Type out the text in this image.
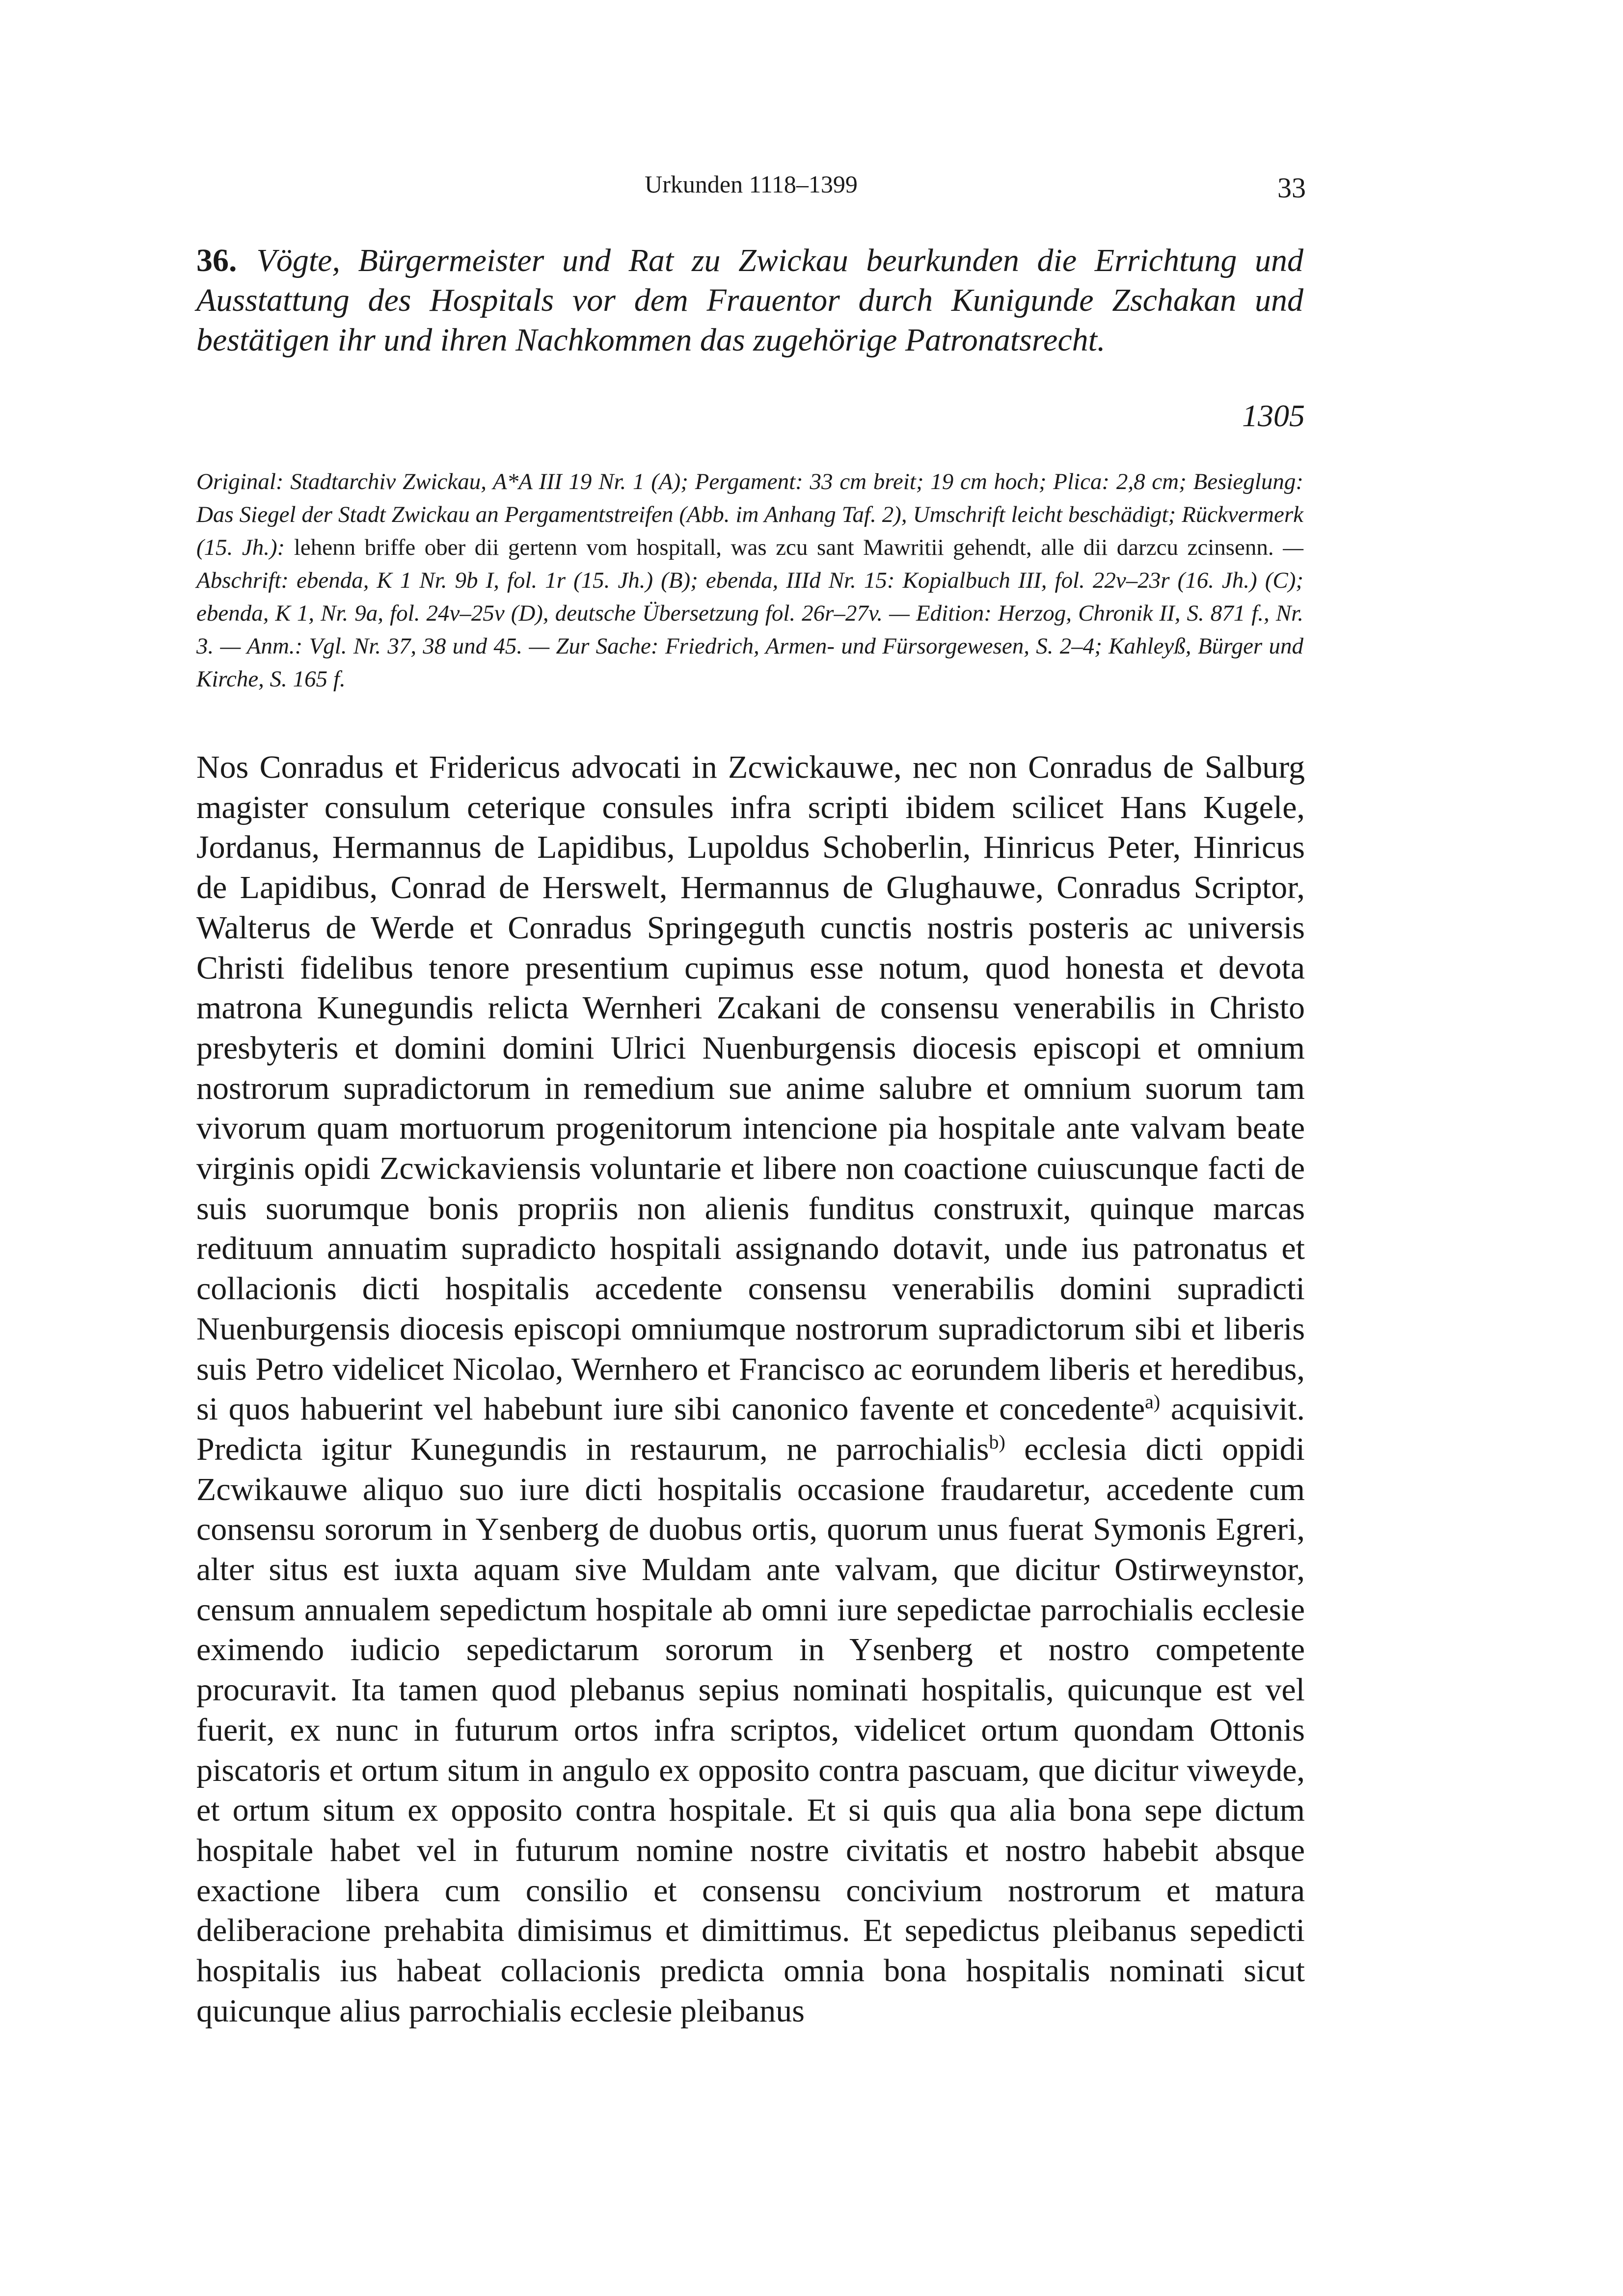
Urkunden 1118–1399	33
36. Vögte, Bürgermeister und Rat zu Zwickau beurkunden die Errichtung und Ausstattung des Hospitals vor dem Frauentor durch Kunigunde Zschakan und bestätigen ihr und ihren Nachkommen das zugehörige Patronatsrecht.
1305
Original: Stadtarchiv Zwickau, A*A III 19 Nr. 1 (A); Pergament: 33 cm breit; 19 cm hoch; Plica: 2,8 cm; Besieglung: Das Siegel der Stadt Zwickau an Pergamentstreifen (Abb. im Anhang Taf. 2), Umschrift leicht beschädigt; Rückvermerk (15. Jh.): lehenn briffe ober dii gertenn vom hospitall, was zcu sant Mawritii gehendt, alle dii darzcu zcinsenn. — Abschrift: ebenda, K 1 Nr. 9b I, fol. 1r (15. Jh.) (B); ebenda, IIId Nr. 15: Kopialbuch III, fol. 22v–23r (16. Jh.) (C); ebenda, K 1, Nr. 9a, fol. 24v–25v (D), deutsche Übersetzung fol. 26r–27v. — Edition: Herzog, Chronik II, S. 871 f., Nr. 3. — Anm.: Vgl. Nr. 37, 38 und 45. — Zur Sache: Friedrich, Armen- und Fürsorgewesen, S. 2–4; Kahleyß, Bürger und Kirche, S. 165 f.

Nos Conradus et Fridericus advocati in Zcwickauwe, nec non Conradus de Salburg magister consulum ceterique consules infra scripti ibidem scilicet Hans Kugele, Jordanus, Hermannus de Lapidibus, Lupoldus Schoberlin, Hinricus Peter, Hinricus de Lapidibus, Conrad de Herswelt, Hermannus de Glughauwe, Conradus Scriptor, Walterus de Werde et Conradus Springeguth cunctis nostris posteris ac universis Christi fidelibus tenore presentium cupimus esse notum, quod honesta et devota matrona Kunegundis relicta Wernheri Zcakani de consensu venerabilis in Christo presbyteris et domini domini Ulrici Nuenburgensis diocesis episcopi et omnium nostrorum supradictorum in remedium sue anime salubre et omnium suorum tam vivorum quam mortuorum progenitorum intencione pia hospitale ante valvam beate virginis opidi Zcwickaviensis voluntarie et libere non coactione cuiuscunque facti de suis suorumque bonis propriis non alienis funditus construxit, quinque marcas redituum annuatim supradicto hospitali assignando dotavit, unde ius patronatus et collacionis dicti hospitalis accedente consensu venerabilis domini supradicti Nuenburgensis diocesis episcopi omniumque nostrorum supradictorum sibi et liberis suis Petro videlicet Nicolao, Wernhero et Francisco ac eorundem liberis et heredibus, si quos habuerint vel habebunt iure sibi canonico favente et concedente$^{a)}$ acquisivit. Predicta igitur Kunegundis in restaurum, ne parrochialis$^{b)}$ ecclesia dicti oppidi Zcwikauwe aliquo suo iure dicti hospitalis occasione fraudaretur, accedente cum consensu sororum in Ysenberg de duobus ortis, quorum unus fuerat Symonis Egreri, alter situs est iuxta aquam sive Muldam ante valvam, que dicitur Ostirweynstor, censum annualem sepedictum hospitale ab omni iure sepedictae parrochialis ecclesie eximendo iudicio sepedictarum sororum in Ysenberg et nostro competente procuravit. Ita tamen quod plebanus sepius nominati hospitalis, quicunque est vel fuerit, ex nunc in futurum ortos infra scriptos, videlicet ortum quondam Ottonis piscatoris et ortum situm in angulo ex opposito contra pascuam, que dicitur viweyde, et ortum situm ex opposito contra hospitale. Et si quis qua alia bona sepe dictum hospitale habet vel in futurum nomine nostre civitatis et nostro habebit absque exactione libera cum consilio et consensu concivium nostrorum et matura deliberacione prehabita dimisimus et dimittimus. Et sepedictus pleibanus sepedicti hospitalis ius habeat collacionis predicta omnia bona hospitalis nominati sicut quicunque alius parrochialis ecclesie pleibanus
